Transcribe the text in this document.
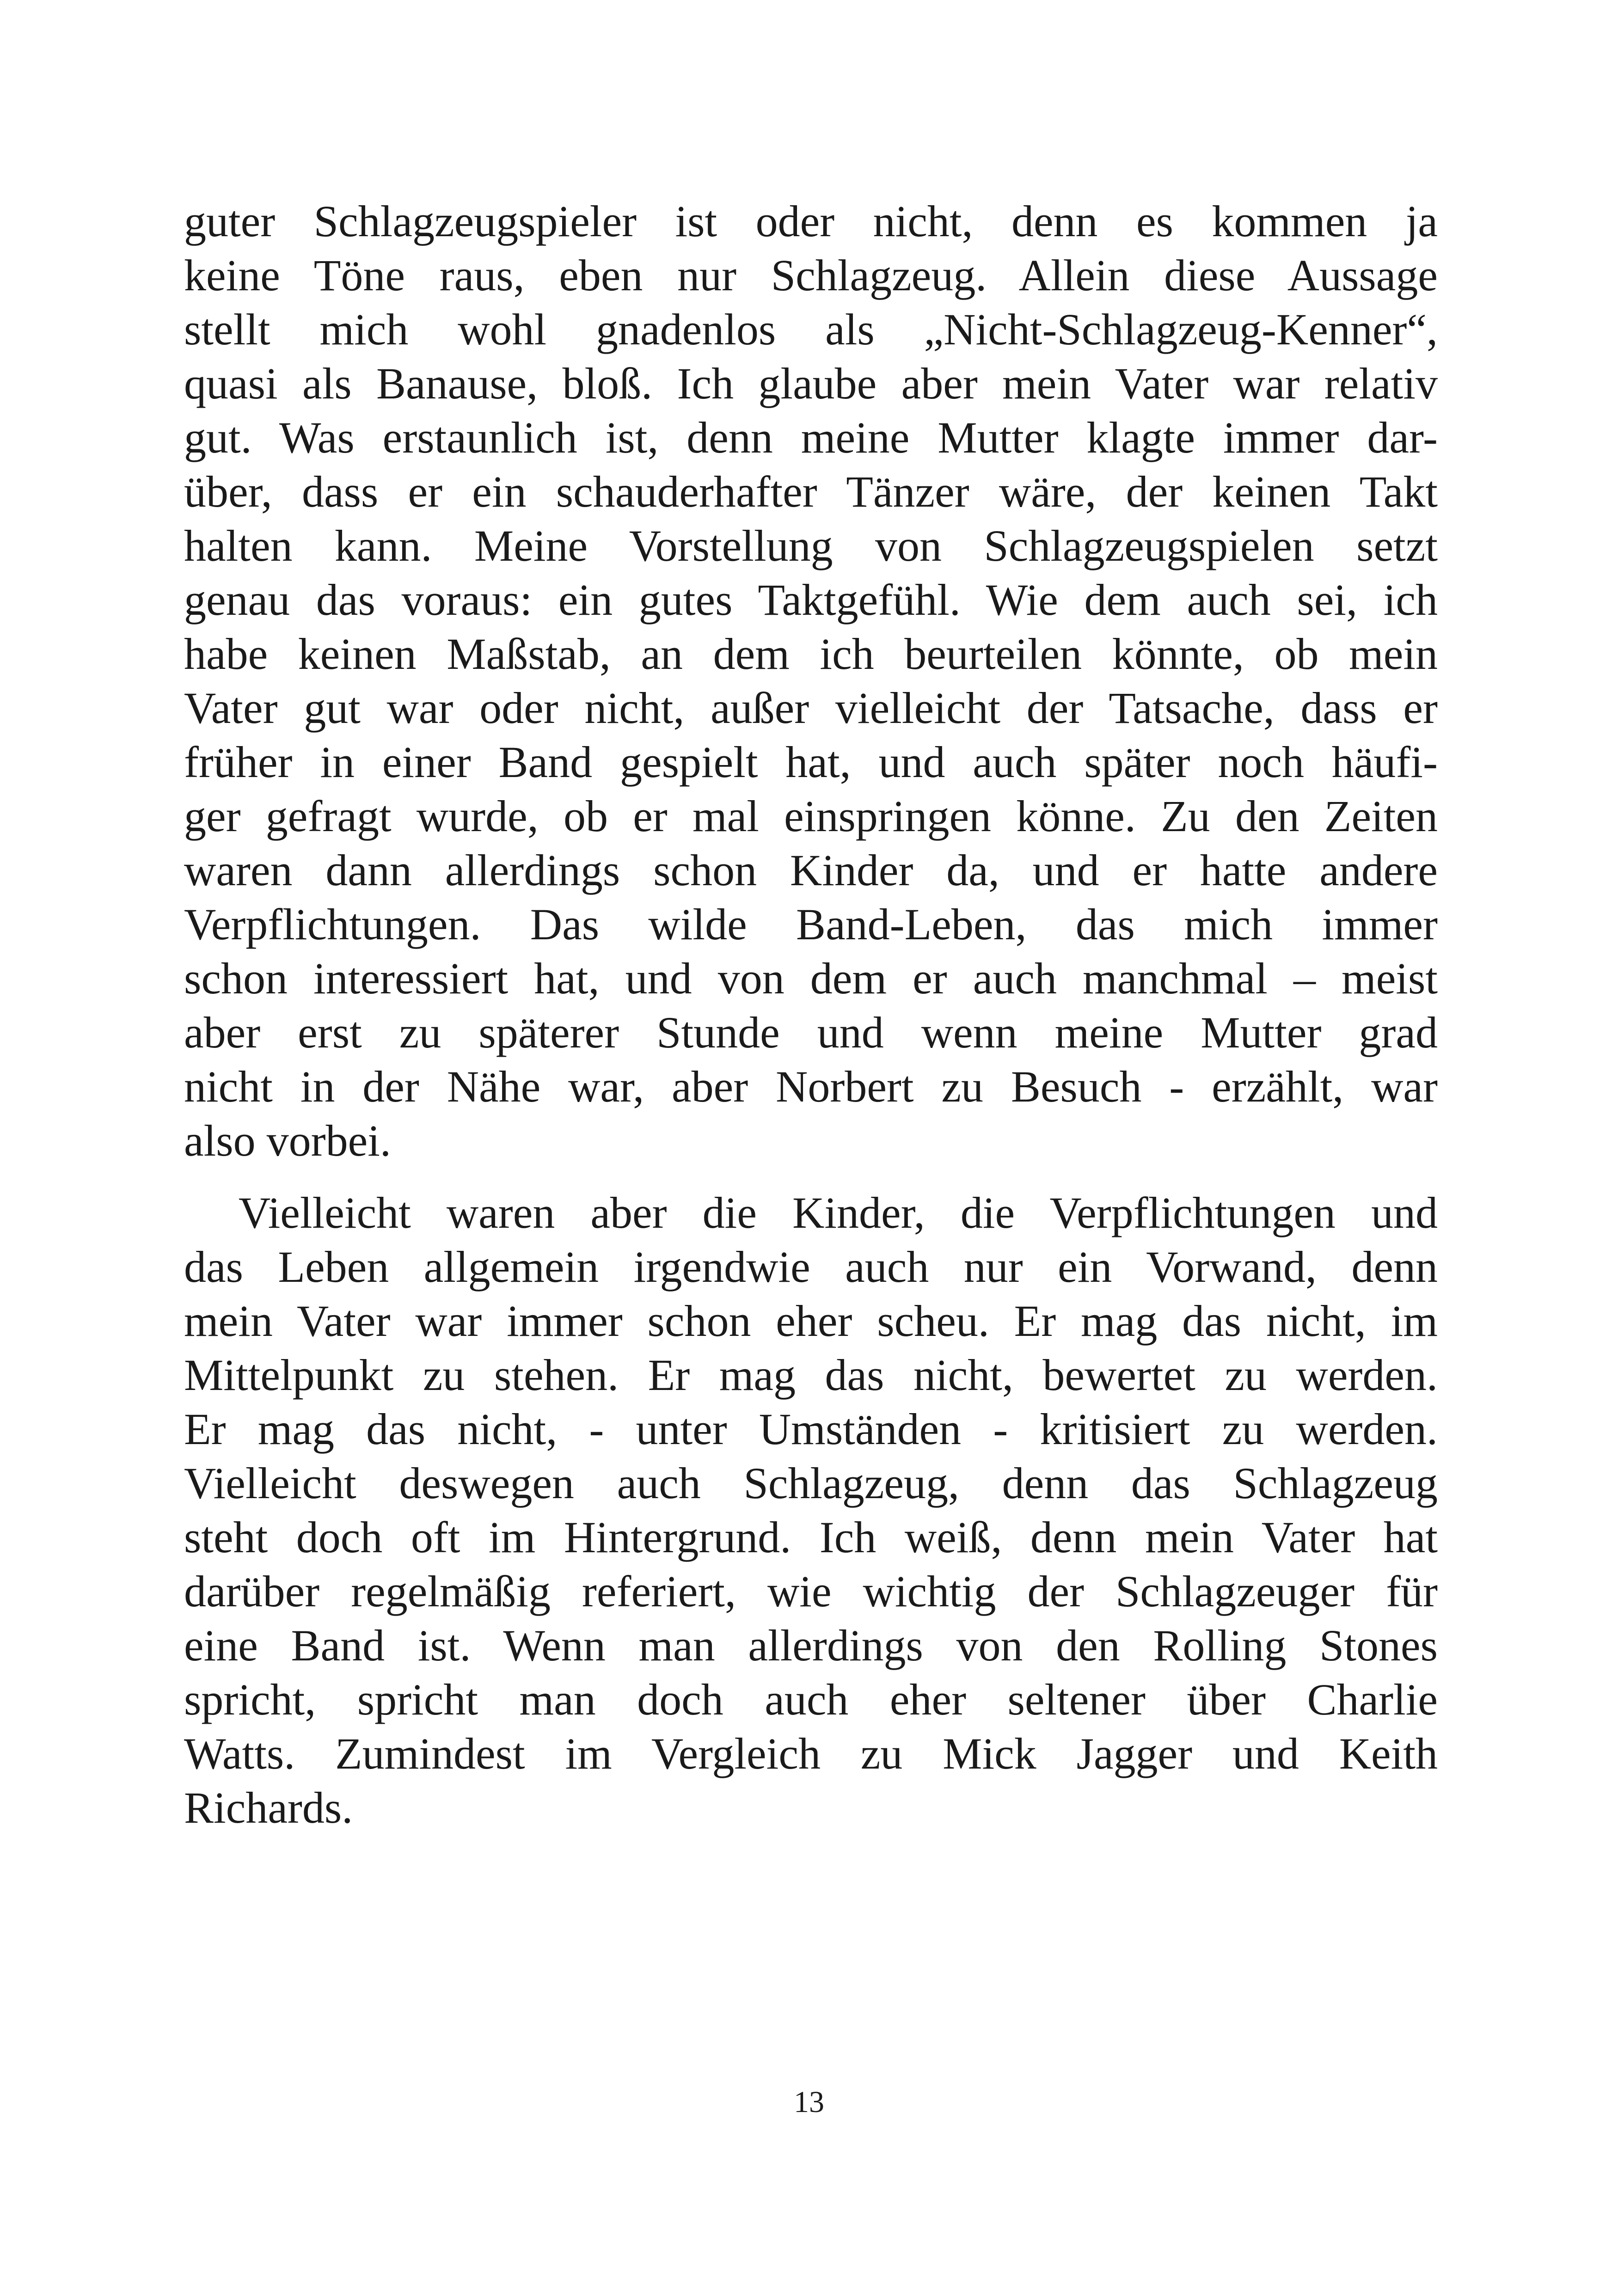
guter Schlagzeugspieler ist oder nicht, denn es kommen ja
keine Töne raus, eben nur Schlagzeug. Allein diese Aussage
stellt mich wohl gnadenlos als „Nicht-Schlagzeug-Kenner“,
quasi als Banause, bloß. Ich glaube aber mein Vater war relativ
gut. Was erstaunlich ist, denn meine Mutter klagte immer dar-
über, dass er ein schauderhafter Tänzer wäre, der keinen Takt
halten kann. Meine Vorstellung von Schlagzeugspielen setzt
genau das voraus: ein gutes Taktgefühl. Wie dem auch sei, ich
habe keinen Maßstab, an dem ich beurteilen könnte, ob mein
Vater gut war oder nicht, außer vielleicht der Tatsache, dass er
früher in einer Band gespielt hat, und auch später noch häufi-
ger gefragt wurde, ob er mal einspringen könne. Zu den Zeiten
waren dann allerdings schon Kinder da, und er hatte andere
Verpflichtungen. Das wilde Band-Leben, das mich immer
schon interessiert hat, und von dem er auch manchmal – meist
aber erst zu späterer Stunde und wenn meine Mutter grad
nicht in der Nähe war, aber Norbert zu Besuch - erzählt, war
also vorbei.
Vielleicht waren aber die Kinder, die Verpflichtungen und
das Leben allgemein irgendwie auch nur ein Vorwand, denn
mein Vater war immer schon eher scheu. Er mag das nicht, im
Mittelpunkt zu stehen. Er mag das nicht, bewertet zu werden.
Er mag das nicht, - unter Umständen - kritisiert zu werden.
Vielleicht deswegen auch Schlagzeug, denn das Schlagzeug
steht doch oft im Hintergrund. Ich weiß, denn mein Vater hat
darüber regelmäßig referiert, wie wichtig der Schlagzeuger für
eine Band ist. Wenn man allerdings von den Rolling Stones
spricht, spricht man doch auch eher seltener über Charlie
Watts. Zumindest im Vergleich zu Mick Jagger und Keith
Richards.
13
